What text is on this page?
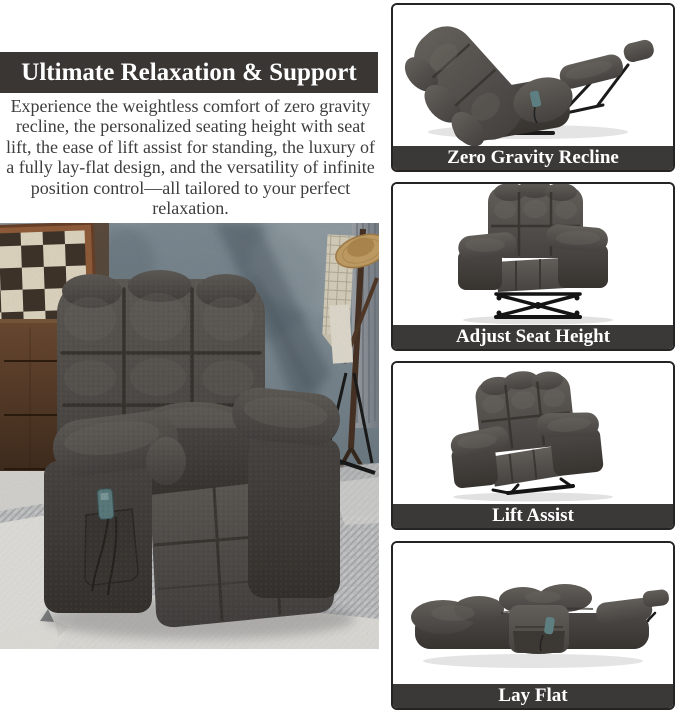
Ultimate Relaxation & Support

Experience the weightless comfort of zero gravity recline, the personalized seating height with seat lift, the ease of lift assist for standing, the luxury of a fully lay-flat design, and the versatility of infinite position control—all tailored to your perfect relaxation.

Zero Gravity Recline
Adjust Seat Height
Lift Assist
Lay Flat
